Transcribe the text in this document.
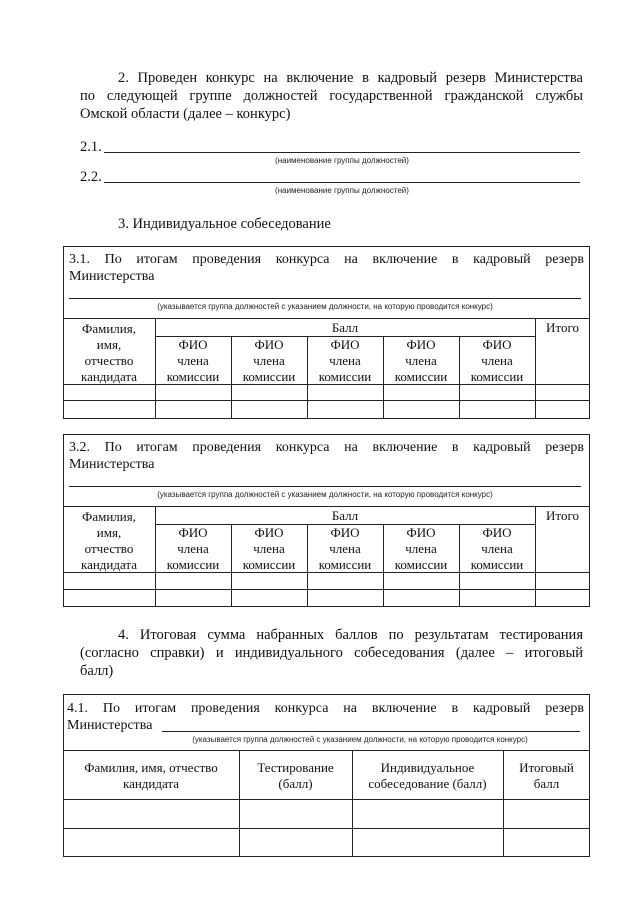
2. Проведен конкурс на включение в кадровый резерв Министерства
по следующей группе должностей государственной гражданской службы
Омской области (далее – конкурс)
2.1.
(наименование группы должностей)
2.2.
(наименование группы должностей)
3. Индивидуальное собеседование
3.1. По итогам проведения конкурса на включение в кадровый резерв
Министерства
(указывается группа должностей с указанием должности, на которую проводится конкурс)
Фамилия,
имя,
отчество
кандидата
Балл	Итого
ФИО
члена
комиссии
ФИО
члена
комиссии
ФИО
члена
комиссии
ФИО
члена
комиссии
ФИО
члена
комиссии
3.2. По итогам проведения конкурса на включение в кадровый резерв
Министерства
(указывается группа должностей с указанием должности, на которую проводится конкурс)
Фамилия,
имя,
отчество
кандидата
Балл	Итого
ФИО
члена
комиссии
ФИО
члена
комиссии
ФИО
члена
комиссии
ФИО
члена
комиссии
ФИО
члена
комиссии
4. Итоговая сумма набранных баллов по результатам тестирования
(согласно справки) и индивидуального собеседования (далее – итоговый
балл)
4.1. По итогам проведения конкурса на включение в кадровый резерв
Министерства
(указывается группа должностей с указанием должности, на которую проводится конкурс)
Фамилия, имя, отчество
кандидата
Тестирование
(балл)
Индивидуальное
собеседование (балл)
Итоговый
балл
